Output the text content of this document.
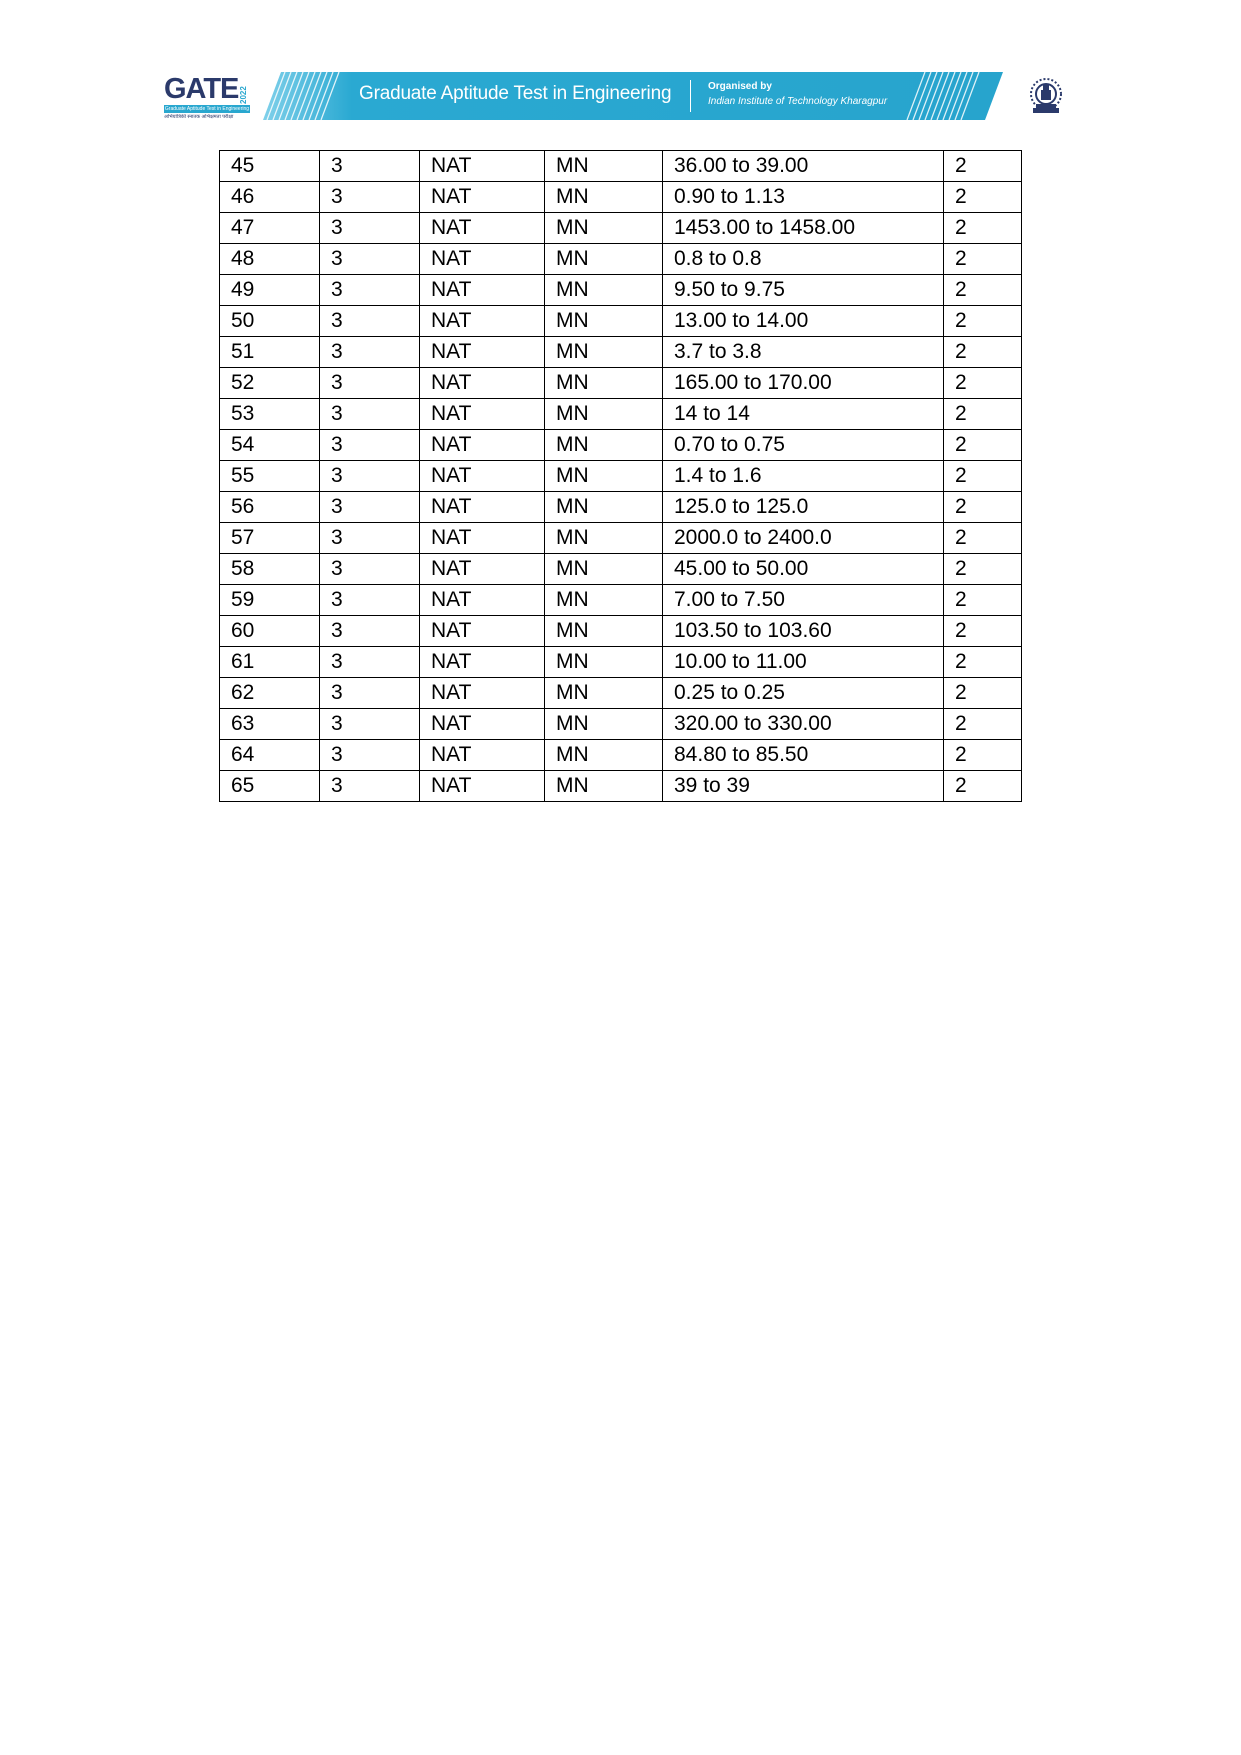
GATE 2022
Graduate Aptitude Test in Engineering
अभियांत्रिकी स्नातक अभिक्षमता परीक्षा
Graduate Aptitude Test in Engineering	Organised by
Indian Institute of Technology Kharagpur
45	3	NAT	MN	36.00 to 39.00	2
46	3	NAT	MN	0.90 to 1.13	2
47	3	NAT	MN	1453.00 to 1458.00	2
48	3	NAT	MN	0.8 to 0.8	2
49	3	NAT	MN	9.50 to 9.75	2
50	3	NAT	MN	13.00 to 14.00	2
51	3	NAT	MN	3.7 to 3.8	2
52	3	NAT	MN	165.00 to 170.00	2
53	3	NAT	MN	14 to 14	2
54	3	NAT	MN	0.70 to 0.75	2
55	3	NAT	MN	1.4 to 1.6	2
56	3	NAT	MN	125.0 to 125.0	2
57	3	NAT	MN	2000.0 to 2400.0	2
58	3	NAT	MN	45.00 to 50.00	2
59	3	NAT	MN	7.00 to 7.50	2
60	3	NAT	MN	103.50 to 103.60	2
61	3	NAT	MN	10.00 to 11.00	2
62	3	NAT	MN	0.25 to 0.25	2
63	3	NAT	MN	320.00 to 330.00	2
64	3	NAT	MN	84.80 to 85.50	2
65	3	NAT	MN	39 to 39	2
